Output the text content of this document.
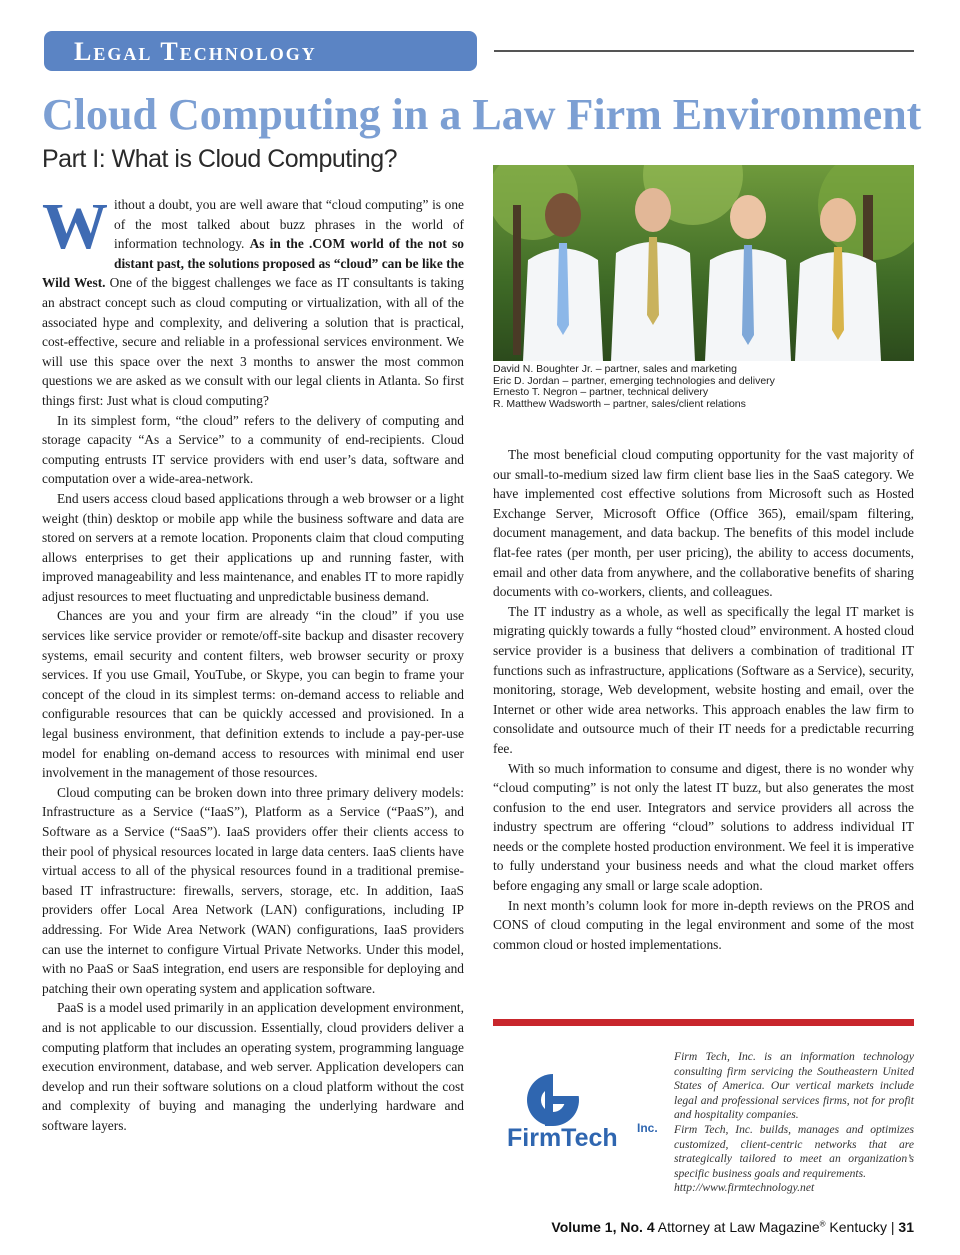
Legal Technology
Cloud Computing in a Law Firm Environment
Part I: What is Cloud Computing?

Without a doubt, you are well aware that “cloud computing” is one of the most talked about buzz phrases in the world of information technology. As in the .COM world of the not so distant past, the solutions proposed as “cloud” can be like the Wild West. One of the biggest challenges we face as IT consultants is taking an abstract concept such as cloud computing or virtualization, with all of the associated hype and complexity, and delivering a solution that is practical, cost-effective, secure and reliable in a professional services environment. We will use this space over the next 3 months to answer the most common questions we are asked as we consult with our legal clients in Atlanta. So first things first: Just what is cloud computing?

In its simplest form, “the cloud” refers to the delivery of computing and storage capacity “As a Service” to a community of end-recipients. Cloud computing entrusts IT service providers with end user’s data, software and computation over a wide-area-network.

End users access cloud based applications through a web browser or a light weight (thin) desktop or mobile app while the business software and data are stored on servers at a remote location. Proponents claim that cloud computing allows enterprises to get their applications up and running faster, with improved manageability and less maintenance, and enables IT to more rapidly adjust resources to meet fluctuating and unpredictable business demand.

Chances are you and your firm are already “in the cloud” if you use services like service provider or remote/off-site backup and disaster recovery systems, email security and content filters, web browser security or proxy services. If you use Gmail, YouTube, or Skype, you can begin to frame your concept of the cloud in its simplest terms: on-demand access to reliable and configurable resources that can be quickly accessed and provisioned. In a legal business environment, that definition extends to include a pay-per-use model for enabling on-demand access to resources with minimal end user involvement in the management of those resources.

Cloud computing can be broken down into three primary delivery models: Infrastructure as a Service (“IaaS”), Platform as a Service (“PaaS”), and Software as a Service (“SaaS”). IaaS providers offer their clients access to their pool of physical resources located in large data centers. IaaS clients have virtual access to all of the physical resources found in a traditional premise-based IT infrastructure: firewalls, servers, storage, etc. In addition, IaaS providers offer Local Area Network (LAN) configurations, including IP addressing. For Wide Area Network (WAN) configurations, IaaS providers can use the internet to configure Virtual Private Networks. Under this model, with no PaaS or SaaS integration, end users are responsible for deploying and patching their own operating system and application software.

PaaS is a model used primarily in an application development environment, and is not applicable to our discussion. Essentially, cloud providers deliver a computing platform that includes an operating system, programming language execution environment, database, and web server. Application developers can develop and run their software solutions on a cloud platform without the cost and complexity of buying and managing the underlying hardware and software layers.

David N. Boughter Jr. – partner, sales and marketing
Eric D. Jordan – partner, emerging technologies and delivery
Ernesto T. Negron – partner, technical delivery
R. Matthew Wadsworth – partner, sales/client relations

The most beneficial cloud computing opportunity for the vast majority of our small-to-medium sized law firm client base lies in the SaaS category. We have implemented cost effective solutions from Microsoft such as Hosted Exchange Server, Microsoft Office (Office 365), email/spam filtering, document management, and data backup. The benefits of this model include flat-fee rates (per month, per user pricing), the ability to access documents, email and other data from anywhere, and the collaborative benefits of sharing documents with co-workers, clients, and colleagues.

The IT industry as a whole, as well as specifically the legal IT market is migrating quickly towards a fully “hosted cloud” environment. A hosted cloud service provider is a business that delivers a combination of traditional IT functions such as infrastructure, applications (Software as a Service), security, monitoring, storage, Web development, website hosting and email, over the Internet or other wide area networks. This approach enables the law firm to consolidate and outsource much of their IT needs for a predictable recurring fee.

With so much information to consume and digest, there is no wonder why “cloud computing” is not only the latest IT buzz, but also generates the most confusion to the end user. Integrators and service providers all across the industry spectrum are offering “cloud” solutions to address individual IT needs or the complete hosted production environment. We feel it is imperative to fully understand your business needs and what the cloud market offers before engaging any small or large scale adoption.

In next month’s column look for more in-depth reviews on the PROS and CONS of cloud computing in the legal environment and some of the most common cloud or hosted implementations.

FirmTech Inc.

Firm Tech, Inc. is an information technology consulting firm servicing the Southeastern United States of America. Our vertical markets include legal and professional services firms, not for profit and hospitality companies.

Firm Tech, Inc. builds, manages and optimizes customized, client-centric networks that are strategically tailored to meet an organization’s specific business goals and requirements.

http://www.firmtechnology.net

Volume 1, No. 4 Attorney at Law Magazine® Kentucky | 31
